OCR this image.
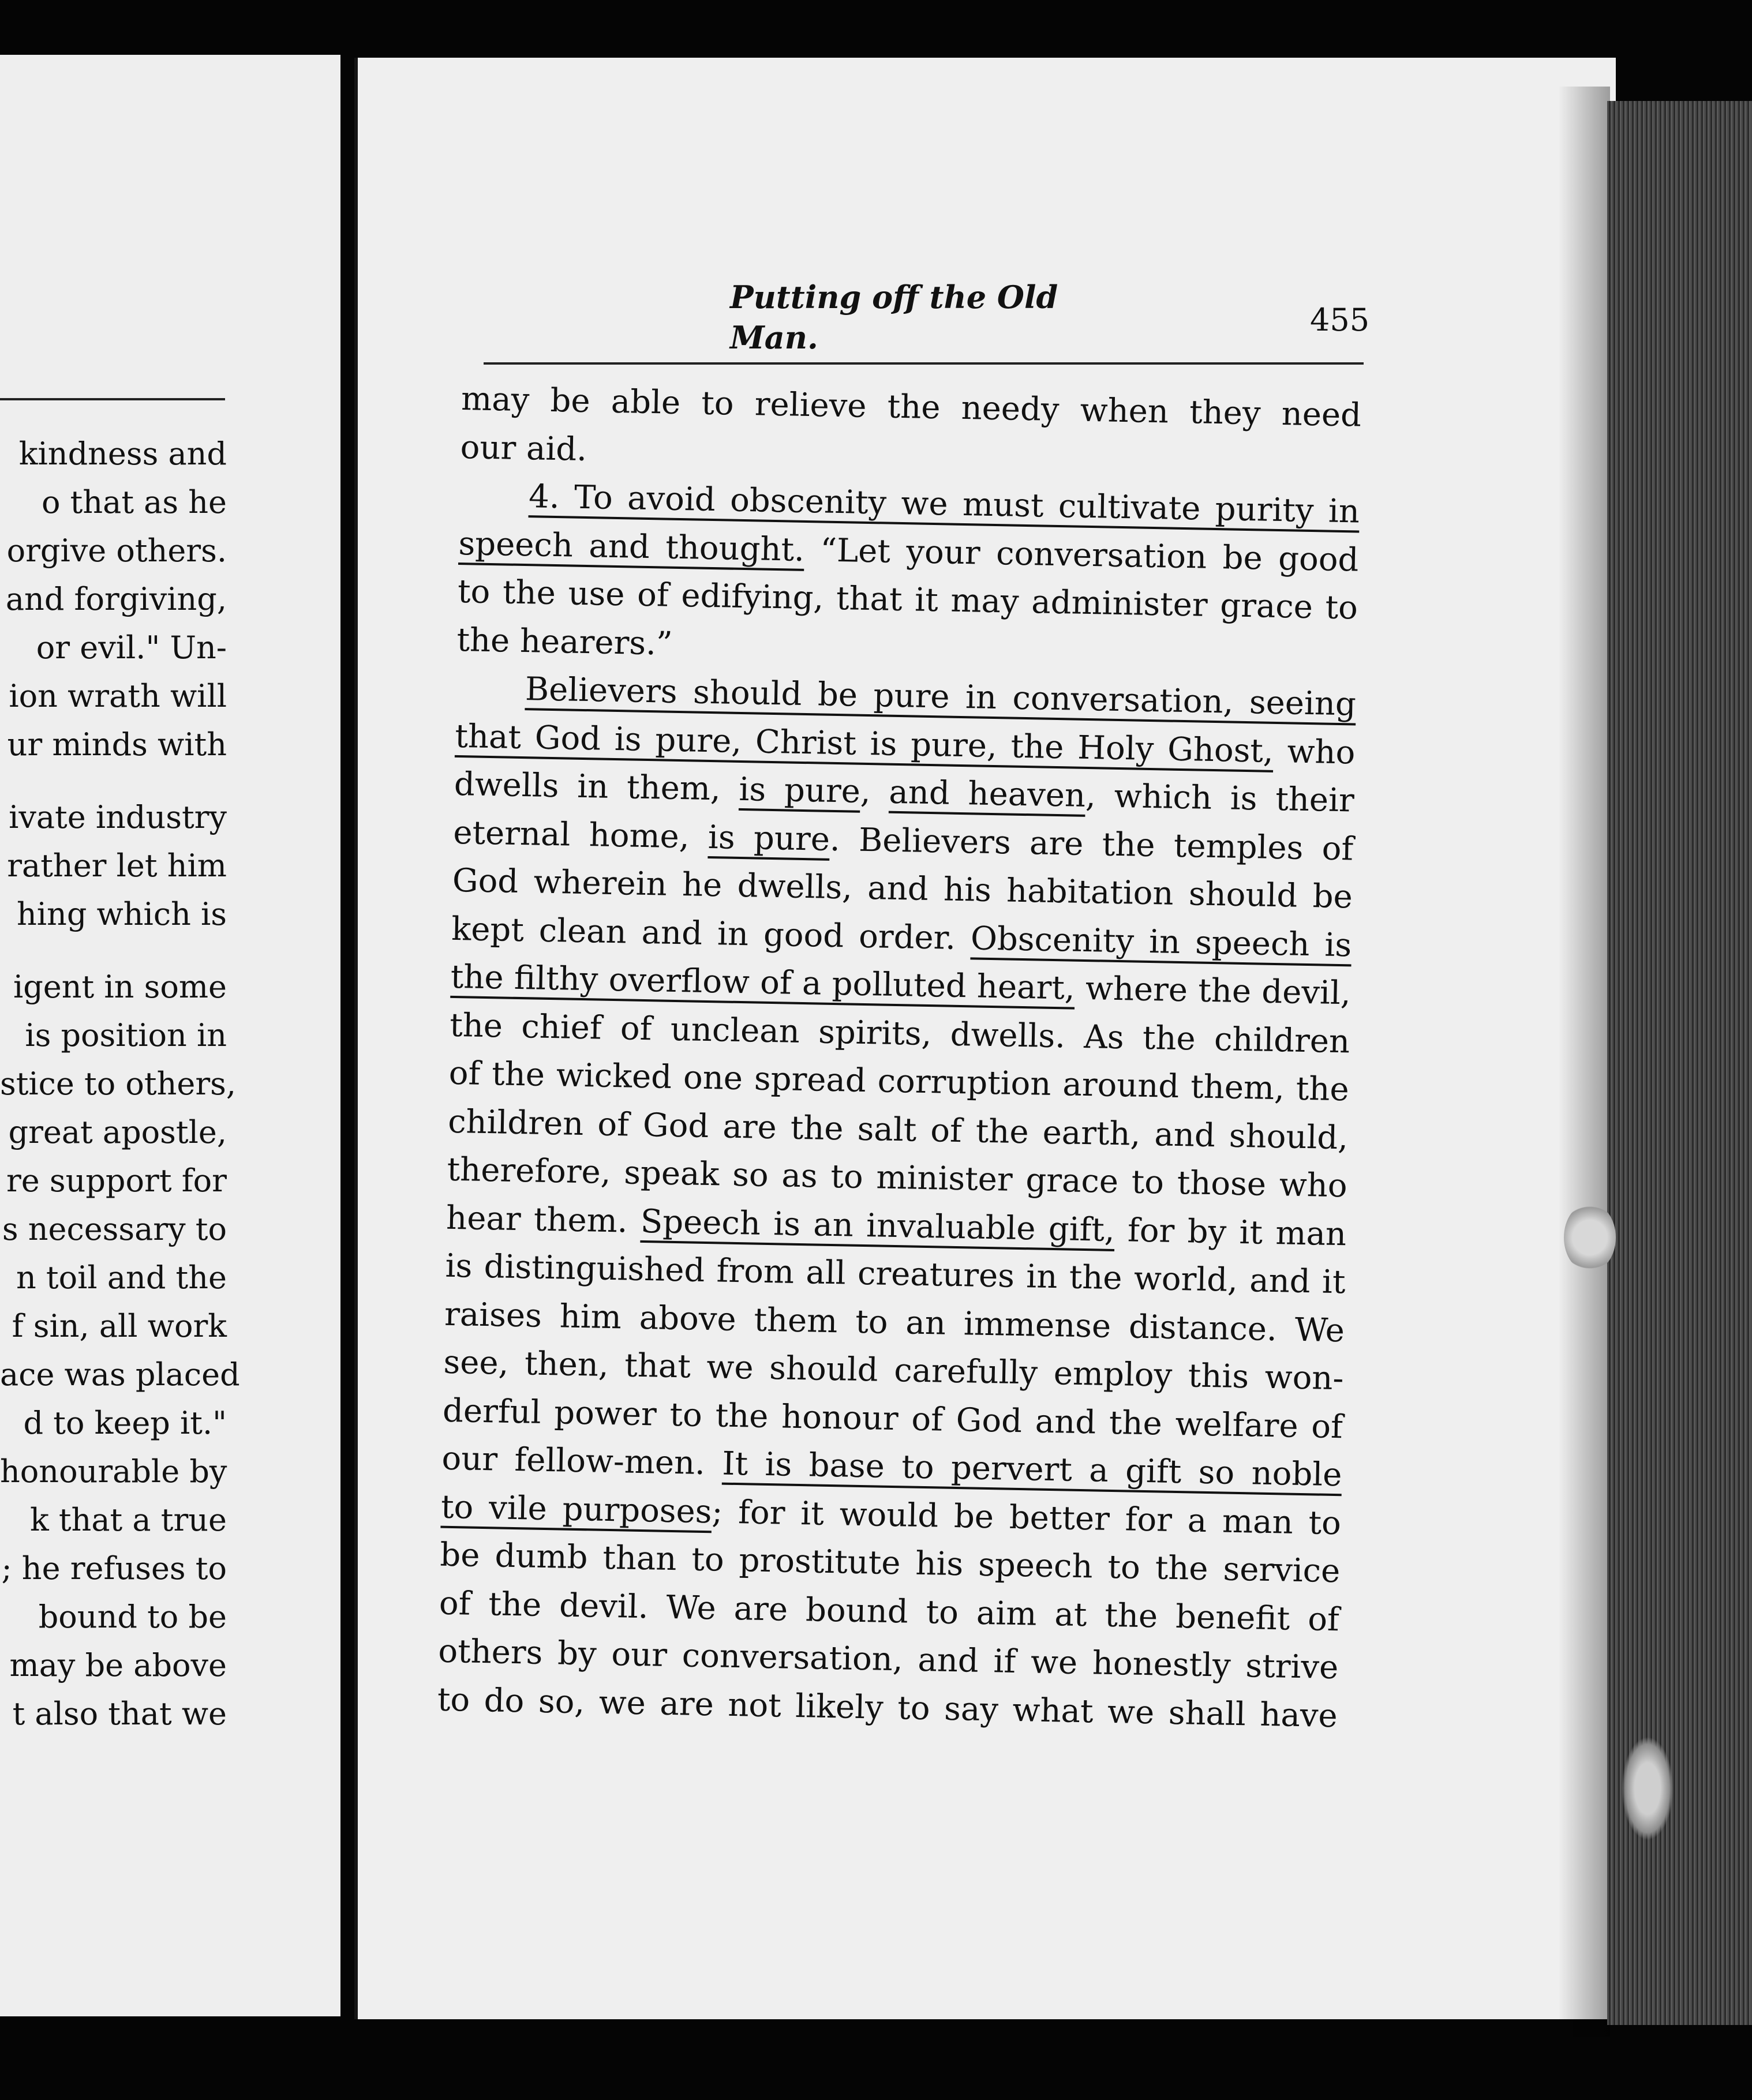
kindness and
o that as he
orgive others.
and forgiving,
or evil." Un-
ion wrath will
ur minds with
ivate industry
rather let him
hing which is
igent in some
is position in
stice to others,
great apostle,
re support for
s necessary to
n toil and the
f sin, all work
ace was placed
d to keep it."
honourable by
k that a true
; he refuses to
bound to be
may be above
t also that we
Putting off the Old Man.	455
may be able to relieve the needy when they need
our aid.
4. To avoid obscenity we must cultivate purity in
speech and thought. “Let your conversation be good
to the use of edifying, that it may administer grace to
the hearers.”
Believers should be pure in conversation, seeing
that God is pure, Christ is pure, the Holy Ghost, who
dwells in them, is pure, and heaven, which is their
eternal home, is pure. Believers are the temples of
God wherein he dwells, and his habitation should be
kept clean and in good order. Obscenity in speech is
the filthy overflow of a polluted heart, where the devil,
the chief of unclean spirits, dwells. As the children
of the wicked one spread corruption around them, the
children of God are the salt of the earth, and should,
therefore, speak so as to minister grace to those who
hear them. Speech is an invaluable gift, for by it man
is distinguished from all creatures in the world, and it
raises him above them to an immense distance. We
see, then, that we should carefully employ this won-
derful power to the honour of God and the welfare of
our fellow-men. It is base to pervert a gift so noble
to vile purposes; for it would be better for a man to
be dumb than to prostitute his speech to the service
of the devil. We are bound to aim at the benefit of
others by our conversation, and if we honestly strive
to do so, we are not likely to say what we shall have
